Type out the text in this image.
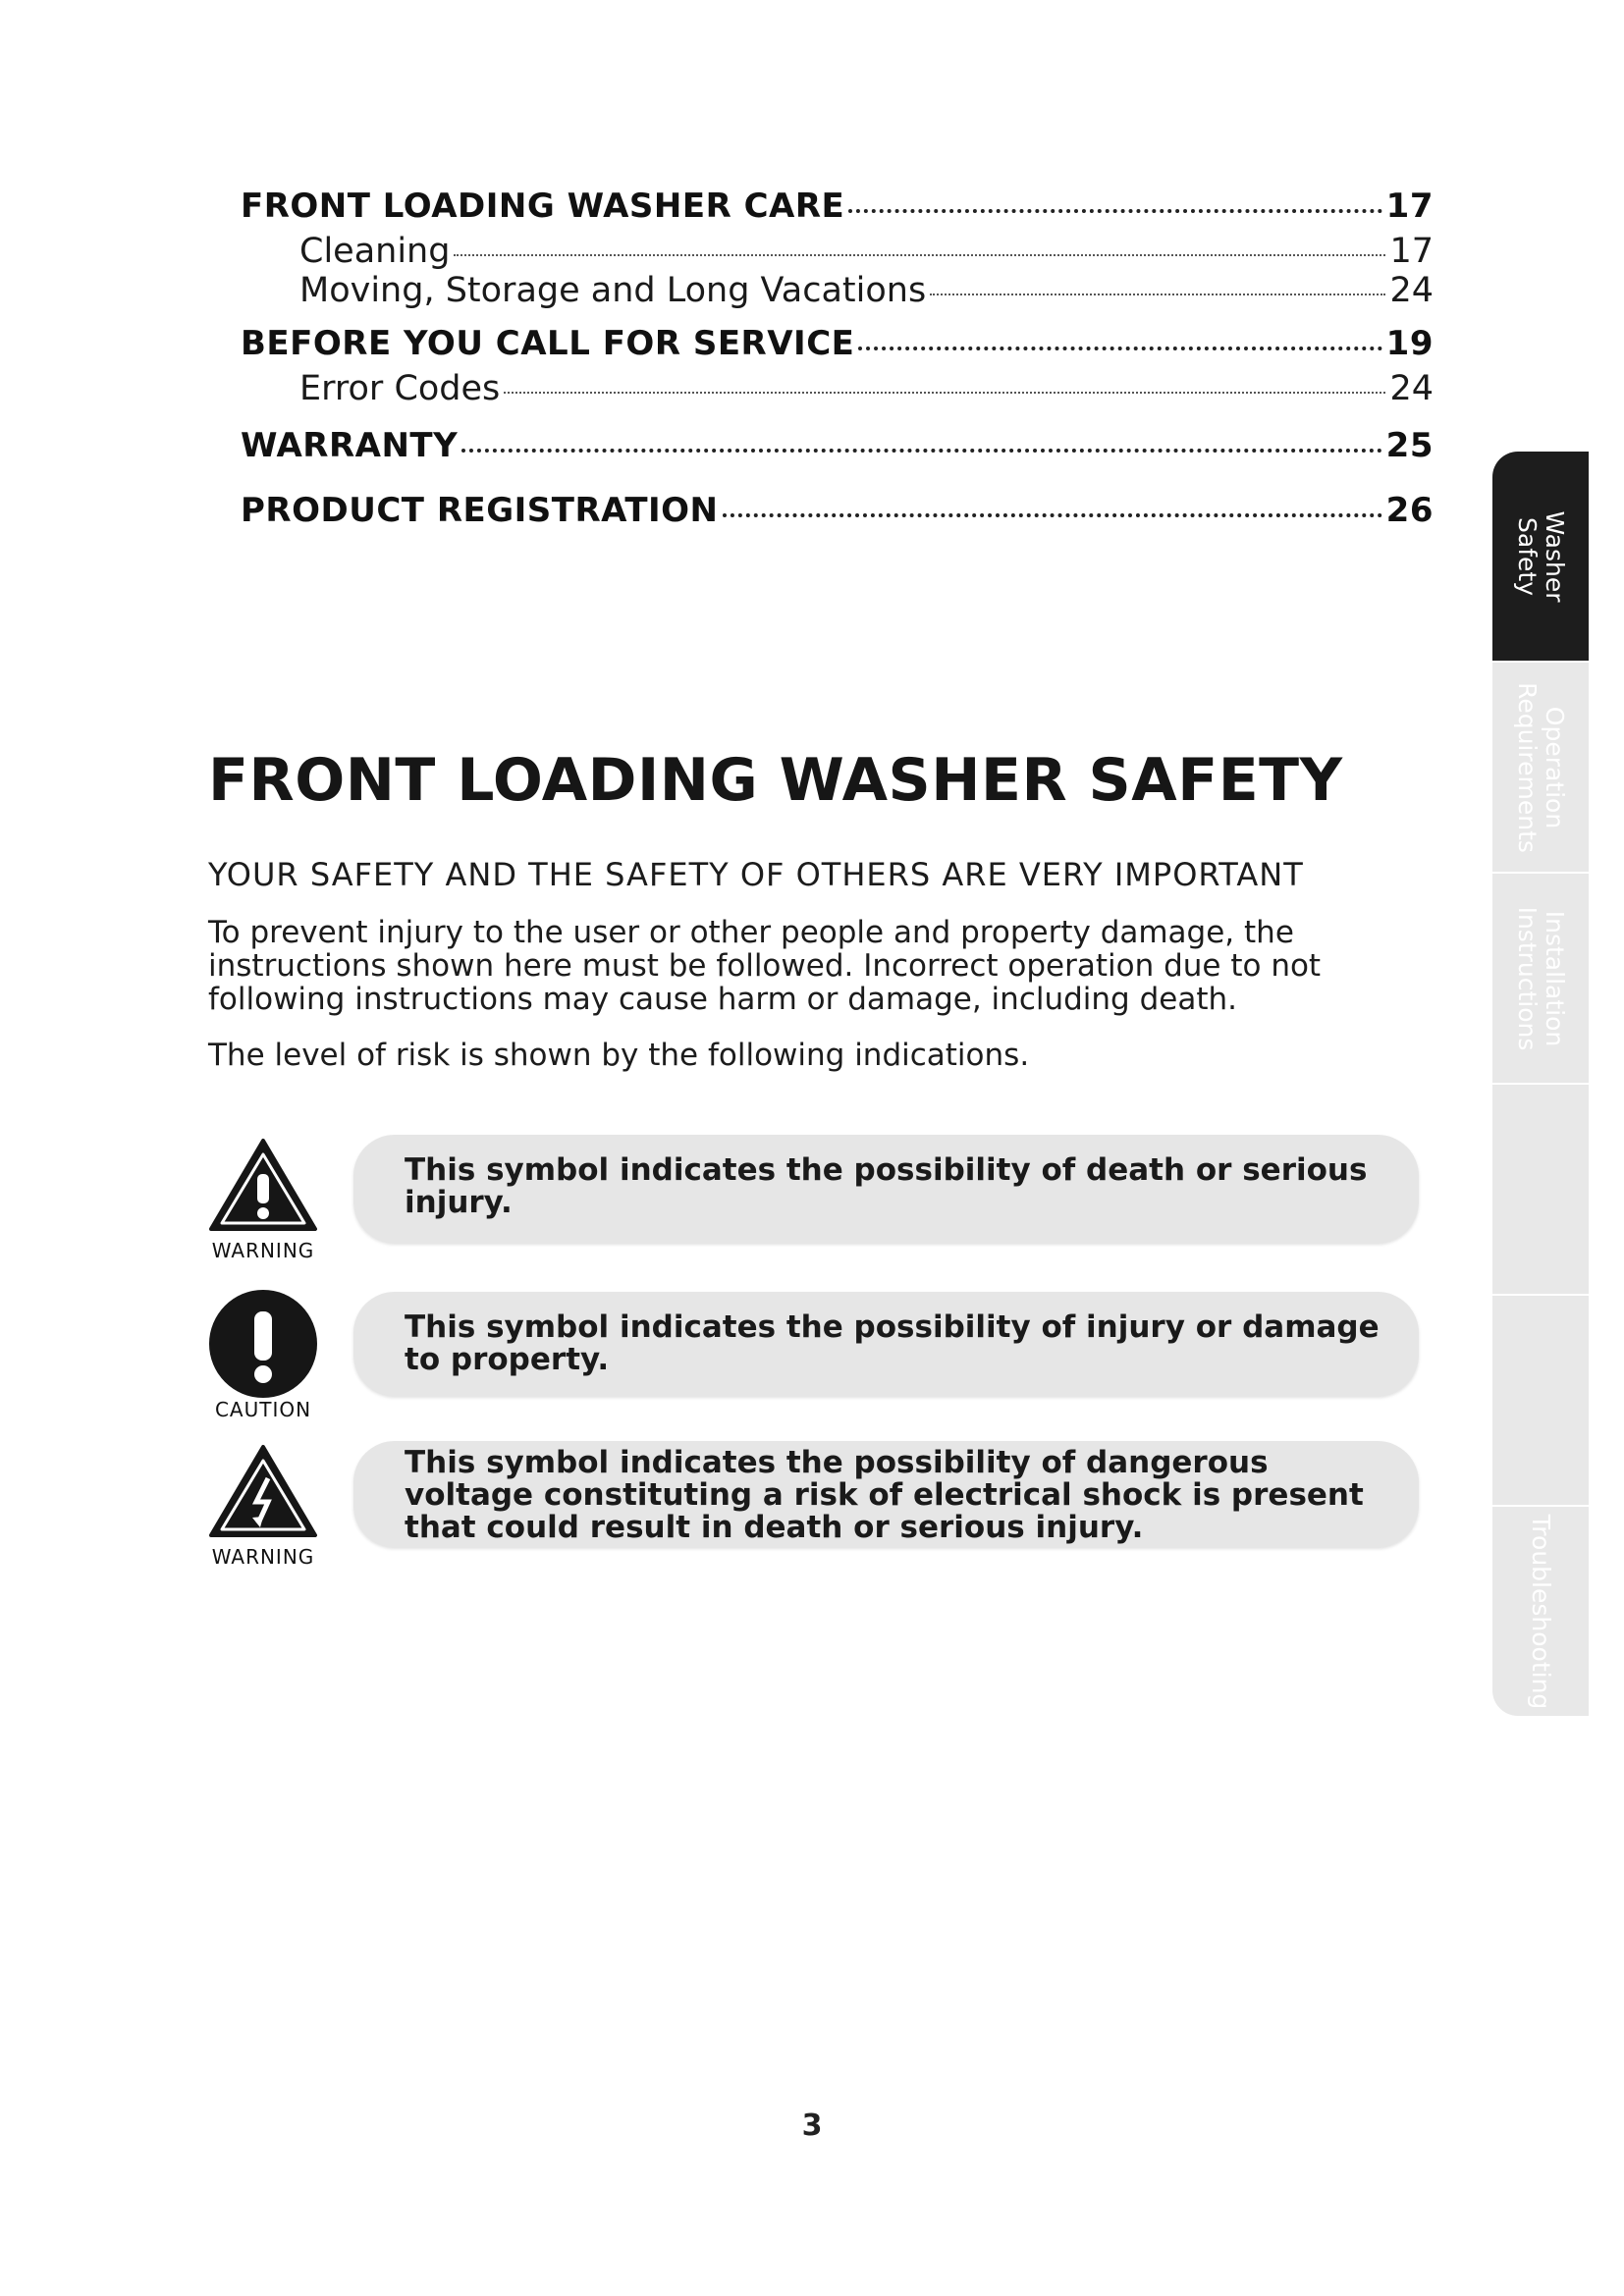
FRONT LOADING WASHER CARE	17
Cleaning	17
Moving, Storage and Long Vacations	24
BEFORE YOU CALL FOR SERVICE	19
Error Codes	24
WARRANTY	25
PRODUCT REGISTRATION	26
FRONT LOADING WASHER SAFETY
YOUR SAFETY AND THE SAFETY OF OTHERS ARE VERY IMPORTANT
To prevent injury to the user or other people and property damage, the instructions shown here must be followed. Incorrect operation due to not following instructions may cause harm or damage, including death.
The level of risk is shown by the following indications.
WARNING
This symbol indicates the possibility of death or serious injury.
CAUTION
This symbol indicates the possibility of injury or damage to property.
WARNING
This symbol indicates the possibility of dangerous voltage constituting a risk of electrical shock is present that could result in death or serious injury.
Washer
Safety
Operation
Requirements
Installation
Instructions
Troubleshooting
3
